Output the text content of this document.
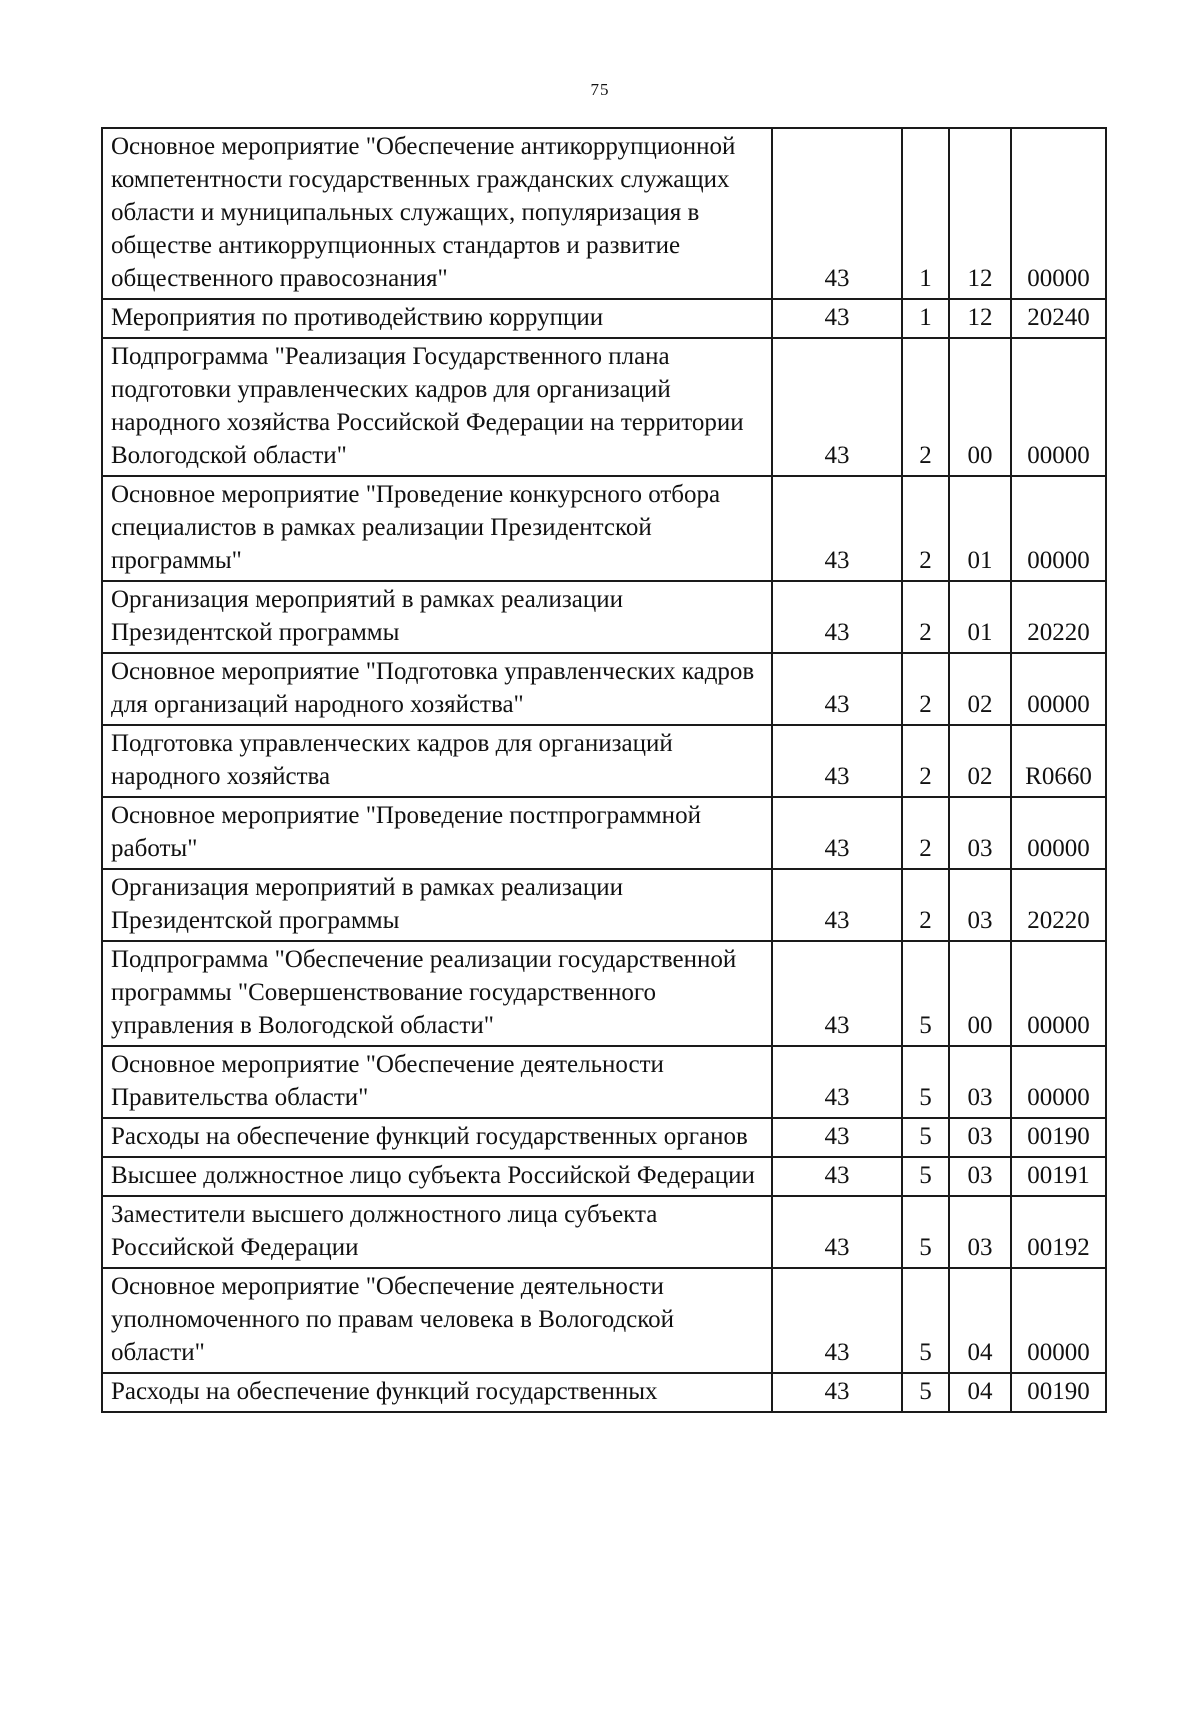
75
Основное мероприятие "Обеспечение антикоррупционной компетентности государственных гражданских служащих области и муниципальных служащих, популяризация в обществе антикоррупционных стандартов и развитие общественного правосознания"	43	1	12	00000
Мероприятия по противодействию коррупции	43	1	12	20240
Подпрограмма "Реализация Государственного плана подготовки управленческих кадров для организаций народного хозяйства Российской Федерации на территории Вологодской области"	43	2	00	00000
Основное мероприятие "Проведение конкурсного отбора специалистов в рамках реализации Президентской программы"	43	2	01	00000
Организация мероприятий в рамках реализации Президентской программы	43	2	01	20220
Основное мероприятие "Подготовка управленческих кадров для организаций народного хозяйства"	43	2	02	00000
Подготовка управленческих кадров для организаций народного хозяйства	43	2	02	R0660
Основное мероприятие "Проведение постпрограммной работы"	43	2	03	00000
Организация мероприятий в рамках реализации Президентской программы	43	2	03	20220
Подпрограмма "Обеспечение реализации государственной программы "Совершенствование государственного управления в Вологодской области"	43	5	00	00000
Основное мероприятие "Обеспечение деятельности Правительства области"	43	5	03	00000
Расходы на обеспечение функций государственных органов	43	5	03	00190
Высшее должностное лицо субъекта Российской Федерации	43	5	03	00191
Заместители высшего должностного лица субъекта Российской Федерации	43	5	03	00192
Основное мероприятие "Обеспечение деятельности уполномоченного по правам человека в Вологодской области"	43	5	04	00000
Расходы на обеспечение функций государственных	43	5	04	00190
